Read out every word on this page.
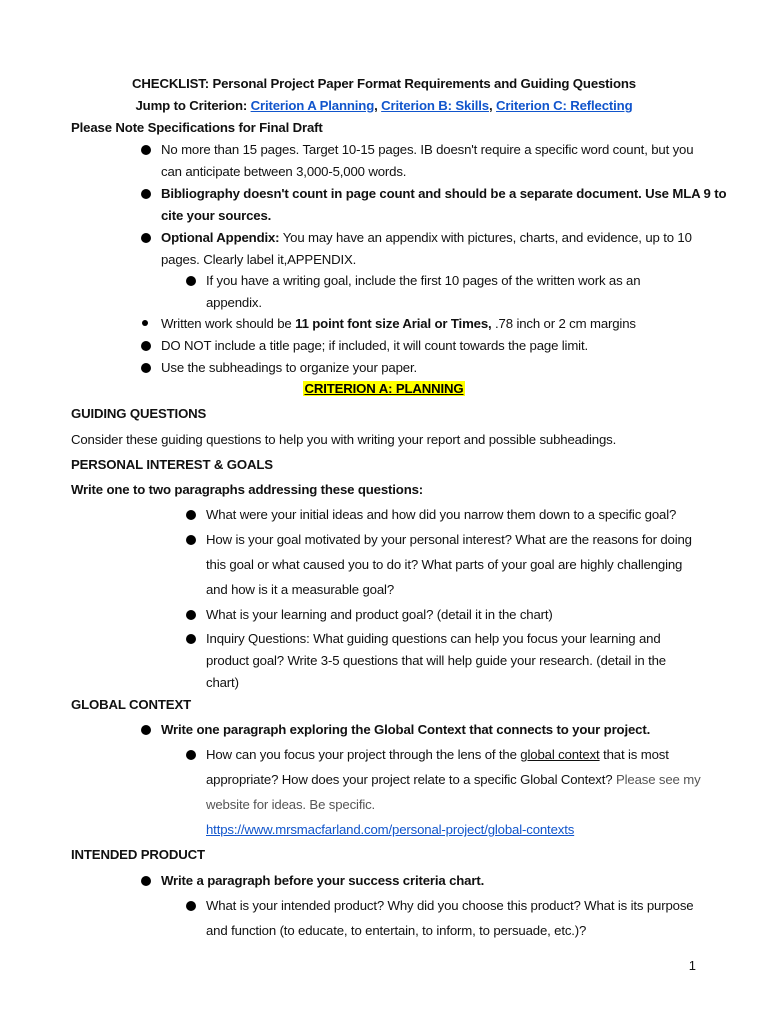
CHECKLIST: Personal Project Paper Format Requirements and Guiding Questions
Jump to Criterion: Criterion A Planning, Criterion B: Skills, Criterion C: Reflecting
Please Note Specifications for Final Draft
No more than 15 pages. Target 10-15 pages. IB doesn't require a specific word count, but you
can anticipate between 3,000-5,000 words.
Bibliography doesn't count in page count and should be a separate document. Use MLA 9 to
cite your sources.
Optional Appendix: You may have an appendix with pictures, charts, and evidence, up to 10
pages. Clearly label it,APPENDIX.
If you have a writing goal, include the first 10 pages of the written work as an
appendix.
Written work should be 11 point font size Arial or Times, .78 inch or 2 cm margins
DO NOT include a title page; if included, it will count towards the page limit.
Use the subheadings to organize your paper.
CRITERION A: PLANNING
GUIDING QUESTIONS
Consider these guiding questions to help you with writing your report and possible subheadings.
PERSONAL INTEREST & GOALS
Write one to two paragraphs addressing these questions:
What were your initial ideas and how did you narrow them down to a specific goal?
How is your goal motivated by your personal interest? What are the reasons for doing
this goal or what caused you to do it? What parts of your goal are highly challenging
and how is it a measurable goal?
What is your learning and product goal? (detail it in the chart)
Inquiry Questions: What guiding questions can help you focus your learning and
product goal? Write 3-5 questions that will help guide your research. (detail in the
chart)
GLOBAL CONTEXT
Write one paragraph exploring the Global Context that connects to your project.
How can you focus your project through the lens of the global context that is most
appropriate? How does your project relate to a specific Global Context? Please see my
website for ideas. Be specific.
https://www.mrsmacfarland.com/personal-project/global-contexts
INTENDED PRODUCT
Write a paragraph before your success criteria chart.
What is your intended product? Why did you choose this product? What is its purpose
and function (to educate, to entertain, to inform, to persuade, etc.)?
1
